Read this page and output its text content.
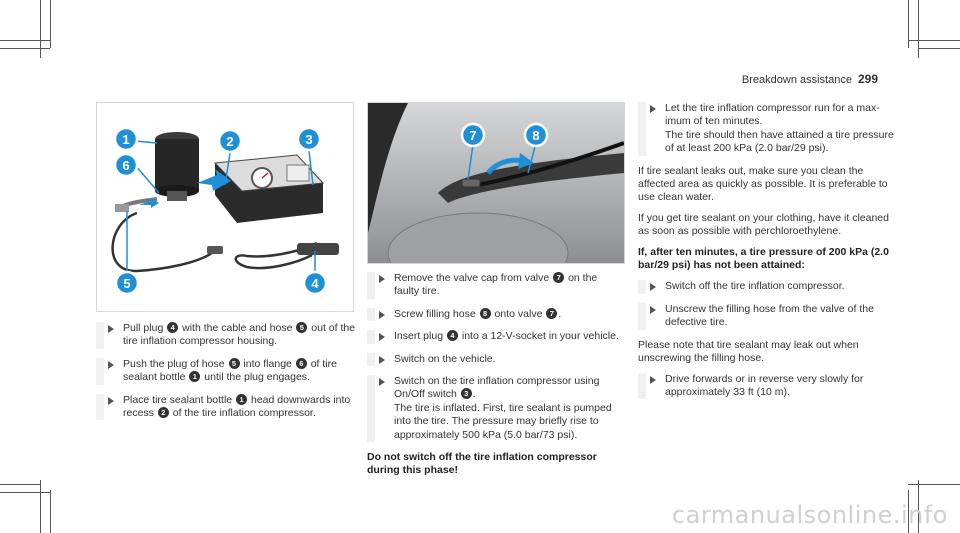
Breakdown assistance 299
1	2	3
6
5	4
7	8
Pull plug 4 with the cable and hose 5 out of the tire inflation compressor housing.
Push the plug of hose 5 into flange 6 of tire sealant bottle 1 until the plug engages.
Place tire sealant bottle 1 head downwards into recess 2 of the tire inflation compressor.
Remove the valve cap from valve 7 on the faulty tire.
Screw filling hose 8 onto valve 7 .
Insert plug 4 into a 12-V-socket in your vehicle.
Switch on the vehicle.
Switch on the tire inflation compressor using On/Off switch 3 .
The tire is inflated. First, tire sealant is pumped into the tire. The pressure may briefly rise to approximately 500 kPa (5.0 bar/73 psi).
Do not switch off the tire inflation compressor during this phase!
Let the tire inflation compressor run for a maximum of ten minutes.
The tire should then have attained a tire pressure of at least 200 kPa (2.0 bar/29 psi).
If tire sealant leaks out, make sure you clean the affected area as quickly as possible. It is preferable to use clean water.
If you get tire sealant on your clothing, have it cleaned as soon as possible with perchloroethylene.
If, after ten minutes, a tire pressure of 200 kPa (2.0 bar/29 psi) has not been attained:
Switch off the tire inflation compressor.
Unscrew the filling hose from the valve of the defective tire.
Please note that tire sealant may leak out when unscrewing the filling hose.
Drive forwards or in reverse very slowly for approximately 33 ft (10 m).
carmanualsonline.info
